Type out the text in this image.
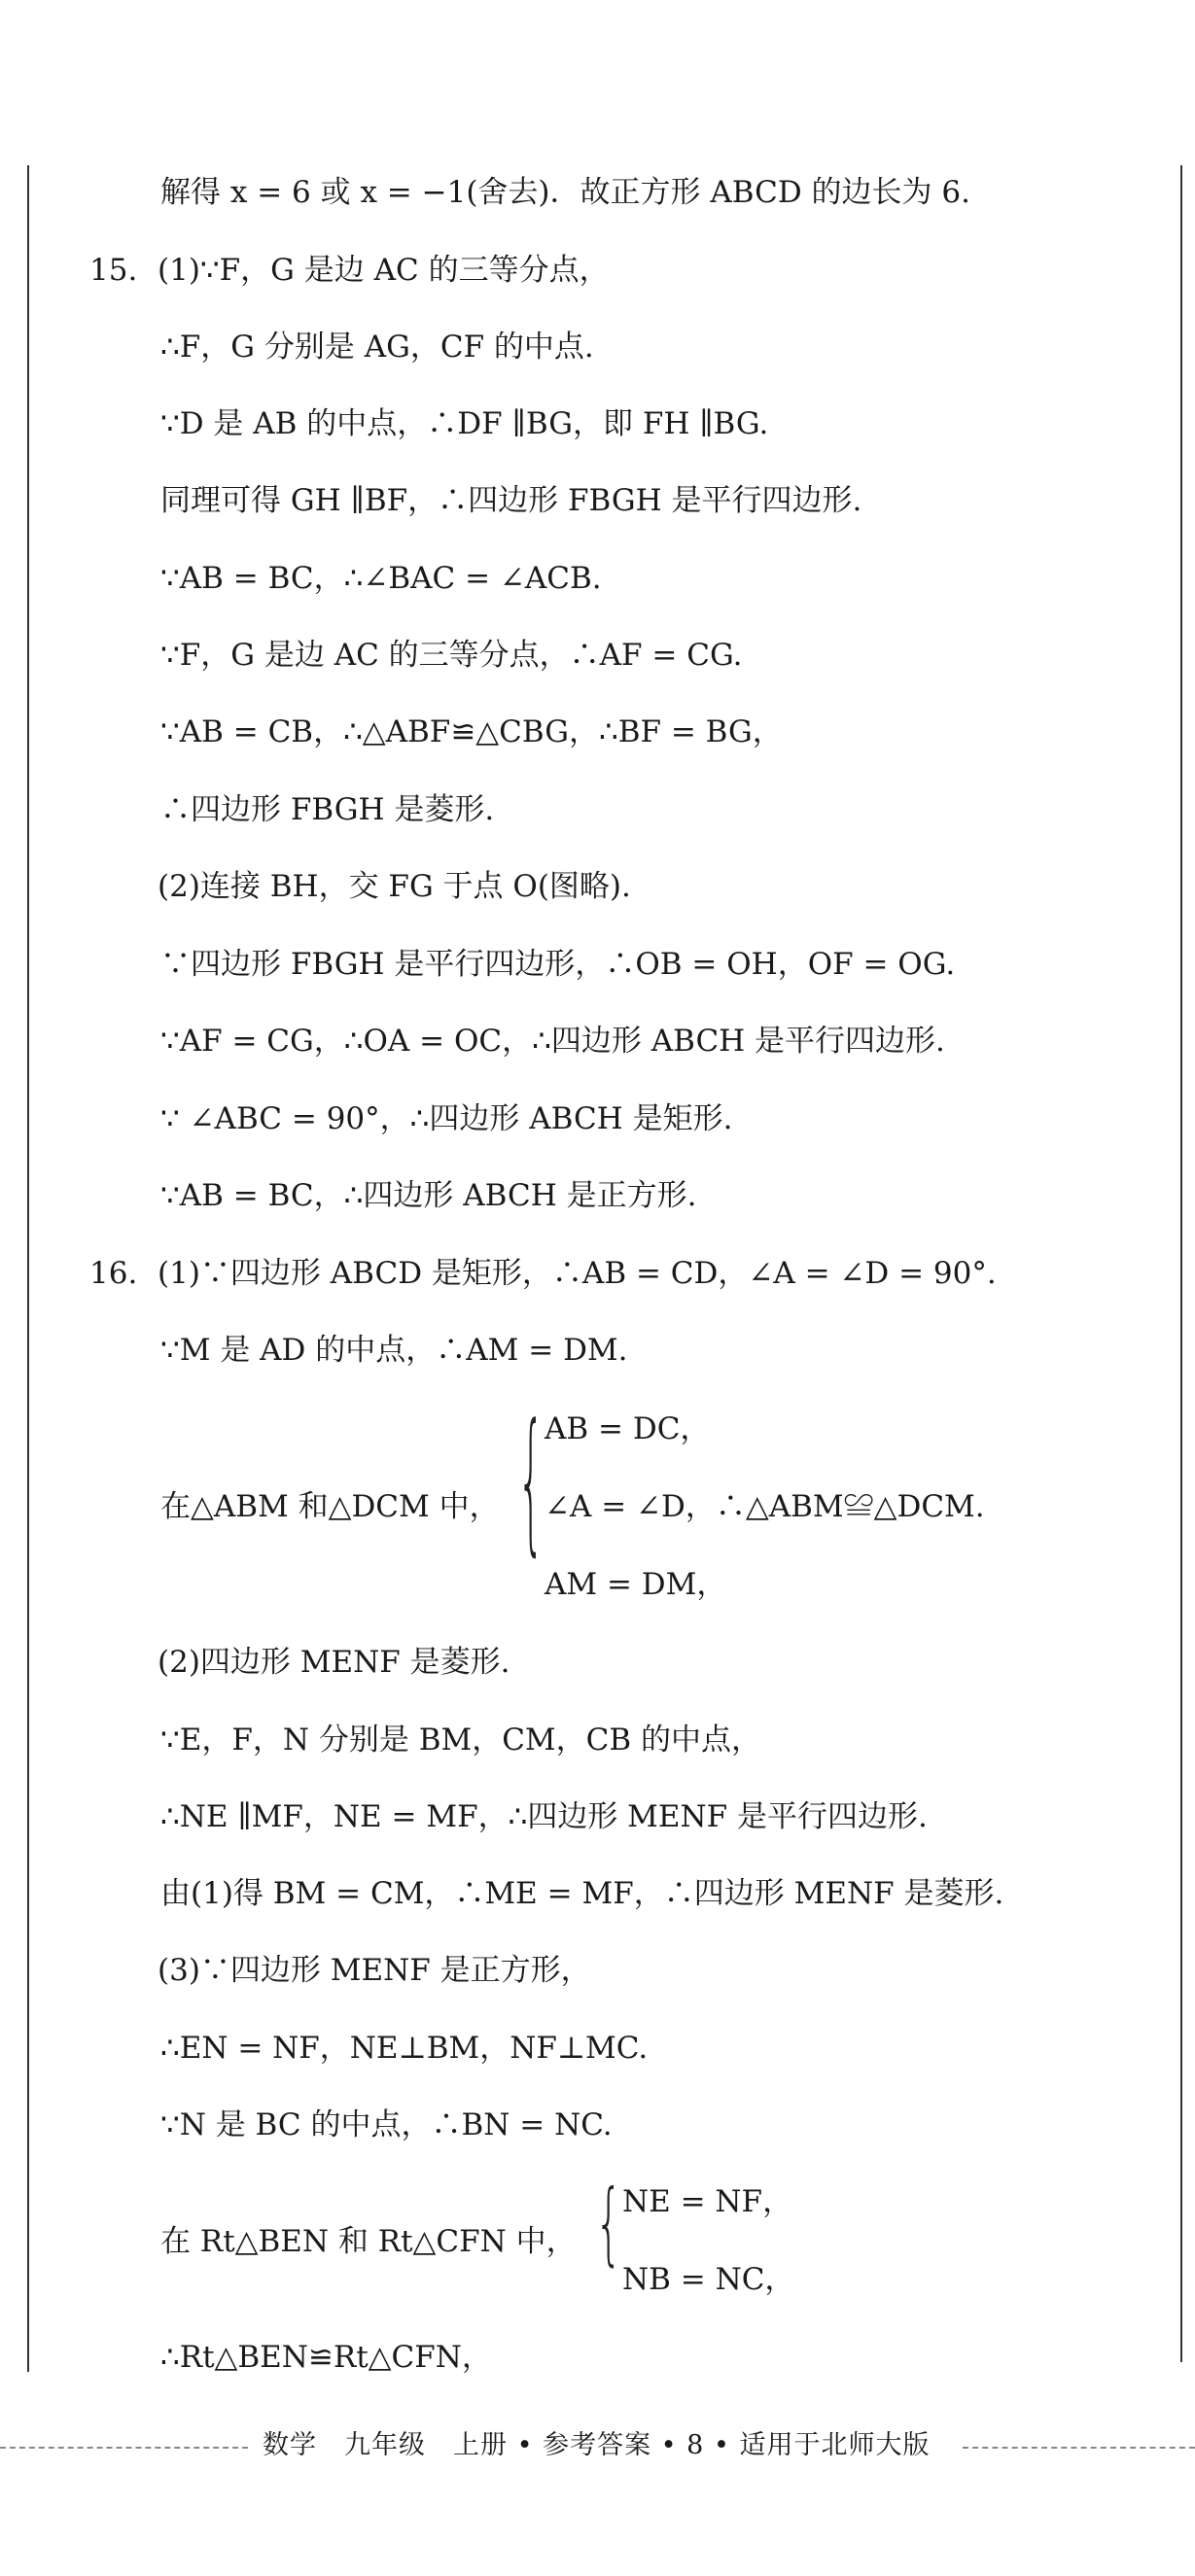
15.
16.
解得 x = 6 或 x = −1(舍去)．故正方形 ABCD 的边长为 6.
(1)∵F，G 是边 AC 的三等分点，
∴F，G 分别是 AG，CF 的中点.
∵D 是 AB 的中点，∴DF ∥BG，即 FH ∥BG.
同理可得 GH ∥BF，∴四边形 FBGH 是平行四边形.
∵AB = BC，∴∠BAC = ∠ACB.
∵F，G 是边 AC 的三等分点，∴AF = CG.
∵AB = CB，∴△ABF≌△CBG，∴BF = BG，
∴四边形 FBGH 是菱形.
(2)连接 BH，交 FG 于点 O(图略).
∵四边形 FBGH 是平行四边形，∴OB = OH，OF = OG.
∵AF = CG，∴OA = OC，∴四边形 ABCH 是平行四边形.
∵ ∠ABC = 90°，∴四边形 ABCH 是矩形.
∵AB = BC，∴四边形 ABCH 是正方形.
(1)∵四边形 ABCD 是矩形，∴AB = CD，∠A = ∠D = 90°.
∵M 是 AD 的中点，∴AM = DM.
AB = DC，
在△ABM 和△DCM 中， { ∠A = ∠D，∴△ABM≌△DCM.
AM = DM，
(2)四边形 MENF 是菱形.
∵E，F，N 分别是 BM，CM，CB 的中点，
∴NE ∥MF，NE = MF，∴四边形 MENF 是平行四边形.
由(1)得 BM = CM，∴ME = MF，∴四边形 MENF 是菱形.
(3)∵四边形 MENF 是正方形，
∴EN = NF，NE⊥BM，NF⊥MC.
∵N 是 BC 的中点，∴BN = NC.
NE = NF，
在 Rt△BEN 和 Rt△CFN 中， {
NB = NC，
∴Rt△BEN≌Rt△CFN，
数学　九年级　上册 • 参考答案 • 8 • 适用于北师大版
